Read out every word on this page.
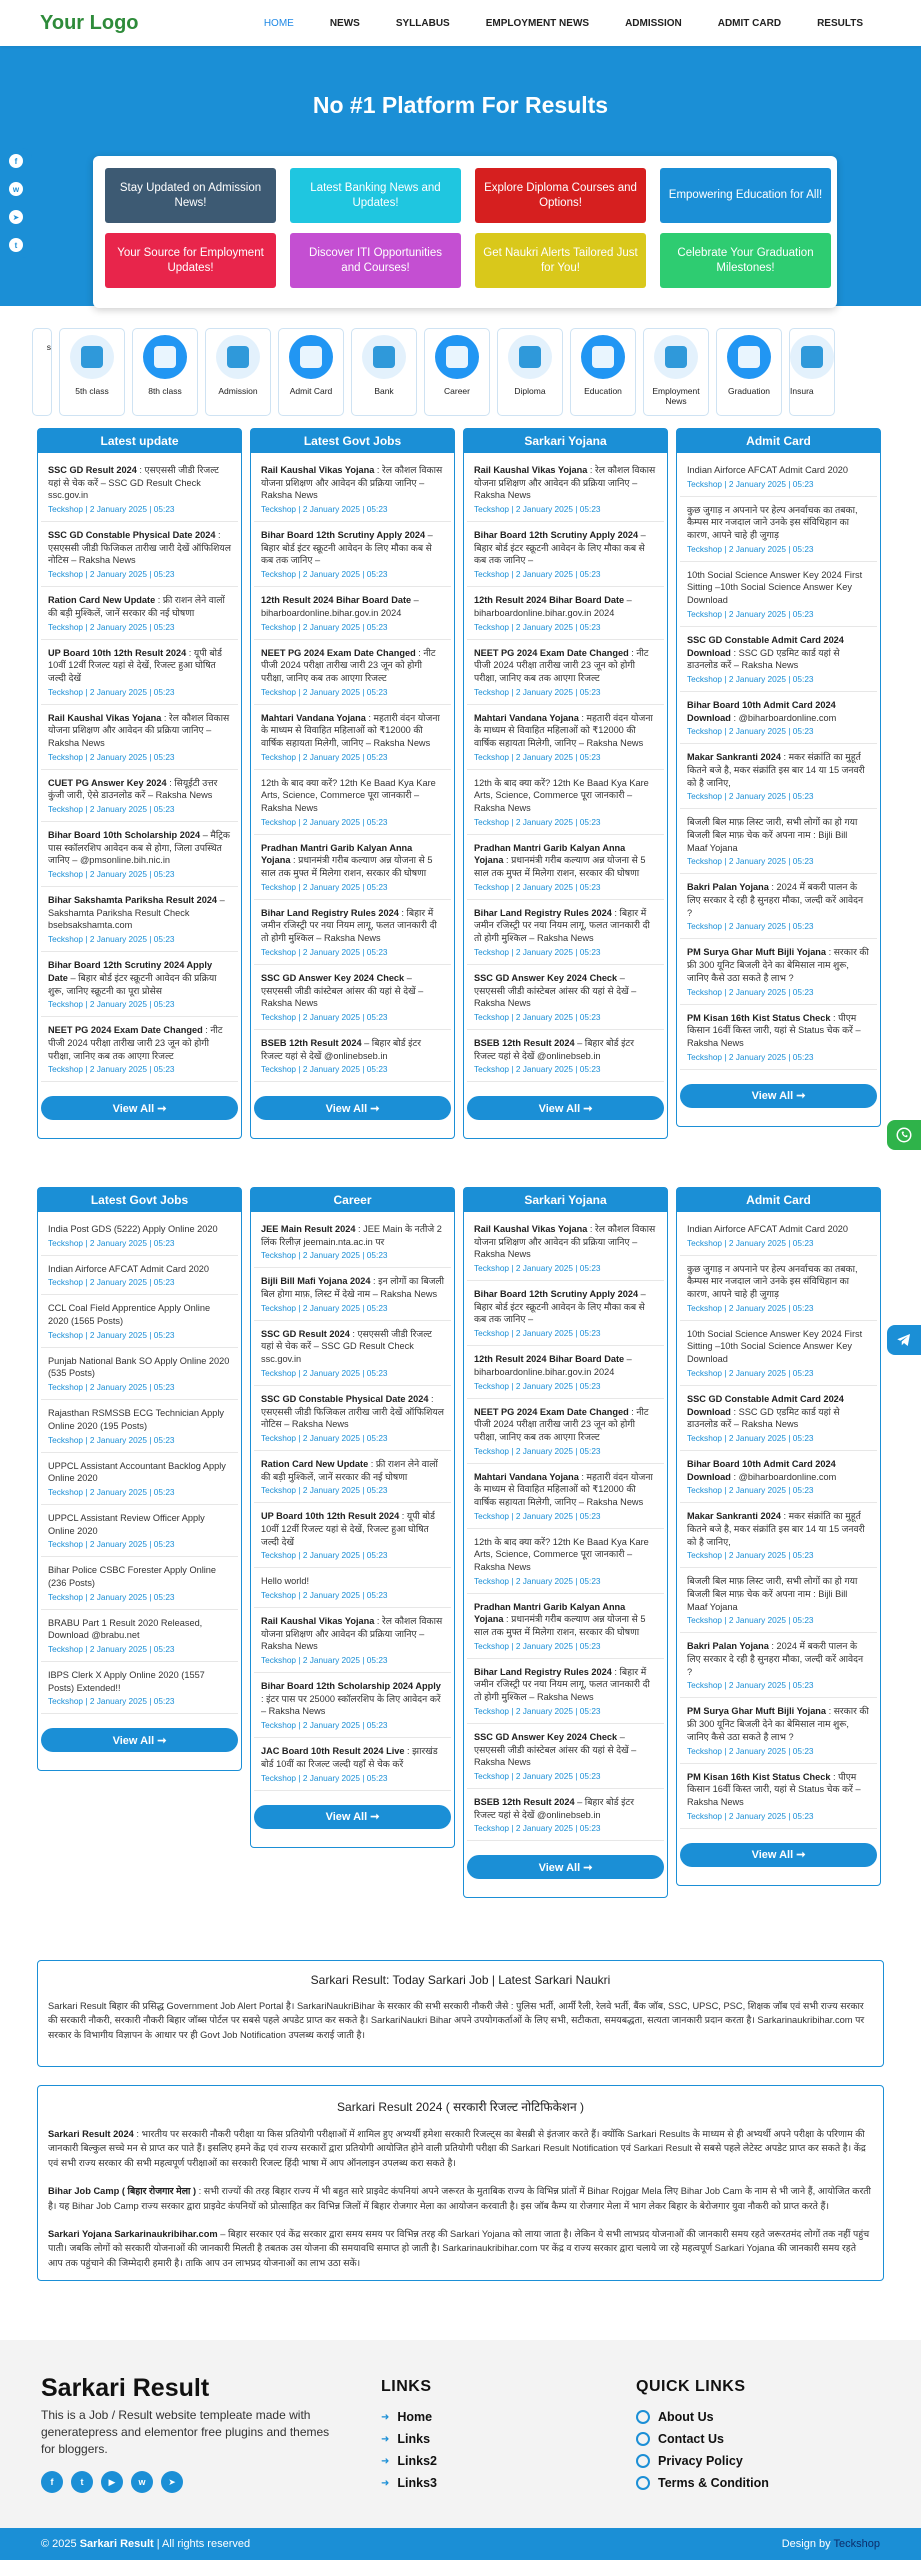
Your Logo	HOME	NEWS	SYLLABUS	EMPLOYMENT NEWS	ADMISSION	ADMIT CARD	RESULTS
No #1 Platform For Results
Stay Updated on Admission News!
Latest Banking News and Updates!
Explore Diploma Courses and Options!
Empowering Education for All!
Your Source for Employment Updates!
Discover ITI Opportunities and Courses!
Get Naukri Alerts Tailored Just for You!
Celebrate Your Graduation Milestones!
f
w
➤
t
s
5th class	8th class	Admission	Admit Card	Bank	Career	Diploma	Education	Employment News
Graduation Insura
Latest update
SSC GD Result 2024 : एसएससी जीडी रिजल्ट यहां से चेक करें – SSC GD Result Check ssc.gov.in
Teckshop | 2 January 2025 | 05:23
SSC GD Constable Physical Date 2024 : एसएससी जीडी फिजिकल तारीख जारी देखें ऑफिशियल नोटिस – Raksha News
Teckshop | 2 January 2025 | 05:23
Ration Card New Update : फ्री राशन लेने वालों की बड़ी मुश्किलें, जानें सरकार की नई घोषणा
Teckshop | 2 January 2025 | 05:23
UP Board 10th 12th Result 2024 : यूपी बोर्ड 10वीं 12वीं रिजल्ट यहां से देखें, रिजल्ट हुआ घोषित जल्दी देखें
Teckshop | 2 January 2025 | 05:23
Rail Kaushal Vikas Yojana : रेल कौशल विकास योजना प्रशिक्षण और आवेदन की प्रक्रिया जानिए – Raksha News
Teckshop | 2 January 2025 | 05:23
CUET PG Answer Key 2024 : सियूईटी उत्तर कुंजी जारी, ऐसे डाउनलोड करें – Raksha News
Teckshop | 2 January 2025 | 05:23
Bihar Board 10th Scholarship 2024 – मैट्रिक पास स्कॉलरशिप आवेदन कब से होगा, जिला उपस्थित जानिए – @pmsonline.bih.nic.in
Teckshop | 2 January 2025 | 05:23
Bihar Sakshamta Pariksha Result 2024 – Sakshamta Pariksha Result Check bsebsakshamta.com
Teckshop | 2 January 2025 | 05:23
Bihar Board 12th Scrutiny 2024 Apply Date – बिहार बोर्ड इंटर स्क्रूटनी आवेदन की प्रक्रिया शुरू, जानिए स्क्रूटनी का पूरा प्रोसेस
Teckshop | 2 January 2025 | 05:23
NEET PG 2024 Exam Date Changed : नीट पीजी 2024 परीक्षा तारीख जारी 23 जून को होगी परीक्षा, जानिए कब तक आएगा रिजल्ट
Teckshop | 2 January 2025 | 05:23
View All ➞
Latest Govt Jobs
Rail Kaushal Vikas Yojana : रेल कौशल विकास योजना प्रशिक्षण और आवेदन की प्रक्रिया जानिए – Raksha News
Teckshop | 2 January 2025 | 05:23
Bihar Board 12th Scrutiny Apply 2024 – बिहार बोर्ड इंटर स्क्रूटनी आवेदन के लिए मौका कब से कब तक जानिए –
Teckshop | 2 January 2025 | 05:23
12th Result 2024 Bihar Board Date – biharboardonline.bihar.gov.in 2024
Teckshop | 2 January 2025 | 05:23
NEET PG 2024 Exam Date Changed : नीट पीजी 2024 परीक्षा तारीख जारी 23 जून को होगी परीक्षा, जानिए कब तक आएगा रिजल्ट
Teckshop | 2 January 2025 | 05:23
Mahtari Vandana Yojana : महतारी वंदन योजना के माध्यम से विवाहित महिलाओं को ₹12000 की वार्षिक सहायता मिलेगी, जानिए – Raksha News
Teckshop | 2 January 2025 | 05:23
12th के बाद क्या करें? 12th Ke Baad Kya Kare Arts, Science, Commerce पूरा जानकारी – Raksha News
Teckshop | 2 January 2025 | 05:23
Pradhan Mantri Garib Kalyan Anna Yojana : प्रधानमंत्री गरीब कल्याण अन्न योजना से 5 साल तक मुफ्त में मिलेगा राशन, सरकार की घोषणा
Teckshop | 2 January 2025 | 05:23
Bihar Land Registry Rules 2024 : बिहार में जमीन रजिस्ट्री पर नया नियम लागू, फलत जानकारी दी तो होगी मुश्किल – Raksha News
Teckshop | 2 January 2025 | 05:23
SSC GD Answer Key 2024 Check – एसएससी जीडी कांस्टेबल आंसर की यहां से देखें – Raksha News
Teckshop | 2 January 2025 | 05:23
BSEB 12th Result 2024 – बिहार बोर्ड इंटर रिजल्ट यहां से देखें @onlinebseb.in
Teckshop | 2 January 2025 | 05:23
View All ➞
Sarkari Yojana
Rail Kaushal Vikas Yojana : रेल कौशल विकास योजना प्रशिक्षण और आवेदन की प्रक्रिया जानिए – Raksha News
Teckshop | 2 January 2025 | 05:23
Bihar Board 12th Scrutiny Apply 2024 – बिहार बोर्ड इंटर स्क्रूटनी आवेदन के लिए मौका कब से कब तक जानिए –
Teckshop | 2 January 2025 | 05:23
12th Result 2024 Bihar Board Date – biharboardonline.bihar.gov.in 2024
Teckshop | 2 January 2025 | 05:23
NEET PG 2024 Exam Date Changed : नीट पीजी 2024 परीक्षा तारीख जारी 23 जून को होगी परीक्षा, जानिए कब तक आएगा रिजल्ट
Teckshop | 2 January 2025 | 05:23
Mahtari Vandana Yojana : महतारी वंदन योजना के माध्यम से विवाहित महिलाओं को ₹12000 की वार्षिक सहायता मिलेगी, जानिए – Raksha News
Teckshop | 2 January 2025 | 05:23
12th के बाद क्या करें? 12th Ke Baad Kya Kare Arts, Science, Commerce पूरा जानकारी – Raksha News
Teckshop | 2 January 2025 | 05:23
Pradhan Mantri Garib Kalyan Anna Yojana : प्रधानमंत्री गरीब कल्याण अन्न योजना से 5 साल तक मुफ्त में मिलेगा राशन, सरकार की घोषणा
Teckshop | 2 January 2025 | 05:23
Bihar Land Registry Rules 2024 : बिहार में जमीन रजिस्ट्री पर नया नियम लागू, फलत जानकारी दी तो होगी मुश्किल – Raksha News
Teckshop | 2 January 2025 | 05:23
SSC GD Answer Key 2024 Check – एसएससी जीडी कांस्टेबल आंसर की यहां से देखें – Raksha News
Teckshop | 2 January 2025 | 05:23
BSEB 12th Result 2024 – बिहार बोर्ड इंटर रिजल्ट यहां से देखें @onlinebseb.in
Teckshop | 2 January 2025 | 05:23
View All ➞
Admit Card
Indian Airforce AFCAT Admit Card 2020
Teckshop | 2 January 2025 | 05:23
कुछ जुगाड़ न अपनाने पर हेल्प अनर्वाचक का तबका, कैम्पस मार नजदाल जाने उनके इस संविधिहान का कारण, आपने चाहे ही जुगाड़
Teckshop | 2 January 2025 | 05:23
10th Social Science Answer Key 2024 First Sitting –10th Social Science Answer Key Download
Teckshop | 2 January 2025 | 05:23
SSC GD Constable Admit Card 2024 Download : SSC GD एडमिट कार्ड यहां से डाउनलोड करें – Raksha News
Teckshop | 2 January 2025 | 05:23
Bihar Board 10th Admit Card 2024 Download : @biharboardonline.com
Teckshop | 2 January 2025 | 05:23
Makar Sankranti 2024 : मकर संक्रांति का मुहूर्त कितने बजे है, मकर संक्रांति इस बार 14 या 15 जनवरी को है जानिए,
Teckshop | 2 January 2025 | 05:23
बिजली बिल माफ़ लिस्ट जारी, सभी लोगों का हो गया बिजली बिल माफ़ चेक करें अपना नाम : Bijli Bill Maaf Yojana
Teckshop | 2 January 2025 | 05:23
Bakri Palan Yojana : 2024 में बकरी पालन के लिए सरकार दे रही है सुनहरा मौका, जल्दी करें आवेदन ?
Teckshop | 2 January 2025 | 05:23
PM Surya Ghar Muft Bijli Yojana : सरकार की फ्री 300 यूनिट बिजली देने का बेमिसाल नाम शुरू, जानिए कैसे उठा सकते है लाभ ?
Teckshop | 2 January 2025 | 05:23
PM Kisan 16th Kist Status Check : पीएम किसान 16वीं किस्त जारी, यहां से Status चेक करें – Raksha News
Teckshop | 2 January 2025 | 05:23
View All ➞
Latest Govt Jobs
India Post GDS (5222) Apply Online 2020
Teckshop | 2 January 2025 | 05:23
Indian Airforce AFCAT Admit Card 2020
Teckshop | 2 January 2025 | 05:23
CCL Coal Field Apprentice Apply Online 2020 (1565 Posts)
Teckshop | 2 January 2025 | 05:23
Punjab National Bank SO Apply Online 2020 (535 Posts)
Teckshop | 2 January 2025 | 05:23
Rajasthan RSMSSB ECG Technician Apply Online 2020 (195 Posts)
Teckshop | 2 January 2025 | 05:23
UPPCL Assistant Accountant Backlog Apply Online 2020
Teckshop | 2 January 2025 | 05:23
UPPCL Assistant Review Officer Apply Online 2020
Teckshop | 2 January 2025 | 05:23
Bihar Police CSBC Forester Apply Online (236 Posts)
Teckshop | 2 January 2025 | 05:23
BRABU Part 1 Result 2020 Released, Download @brabu.net
Teckshop | 2 January 2025 | 05:23
IBPS Clerk X Apply Online 2020 (1557 Posts) Extended!!
Teckshop | 2 January 2025 | 05:23
View All ➞
Career
JEE Main Result 2024 : JEE Main के नतीजे 2 लिंक रिलीज़ jeemain.nta.ac.in पर
Teckshop | 2 January 2025 | 05:23
Bijli Bill Mafi Yojana 2024 : इन लोगों का बिजली बिल होगा माफ़, लिस्ट में देखे नाम – Raksha News
Teckshop | 2 January 2025 | 05:23
SSC GD Result 2024 : एसएससी जीडी रिजल्ट यहां से चेक करें – SSC GD Result Check ssc.gov.in
Teckshop | 2 January 2025 | 05:23
SSC GD Constable Physical Date 2024 : एसएससी जीडी फिजिकल तारीख जारी देखें ऑफिशियल नोटिस – Raksha News
Teckshop | 2 January 2025 | 05:23
Ration Card New Update : फ्री राशन लेने वालों की बड़ी मुश्किलें, जानें सरकार की नई घोषणा
Teckshop | 2 January 2025 | 05:23
UP Board 10th 12th Result 2024 : यूपी बोर्ड 10वीं 12वीं रिजल्ट यहां से देखें, रिजल्ट हुआ घोषित जल्दी देखें
Teckshop | 2 January 2025 | 05:23
Hello world!
Teckshop | 2 January 2025 | 05:23
Rail Kaushal Vikas Yojana : रेल कौशल विकास योजना प्रशिक्षण और आवेदन की प्रक्रिया जानिए – Raksha News
Teckshop | 2 January 2025 | 05:23
Bihar Board 12th Scholarship 2024 Apply : इंटर पास पर 25000 स्कॉलरशिप के लिए आवेदन करें – Raksha News
Teckshop | 2 January 2025 | 05:23
JAC Board 10th Result 2024 Live : झारखंड बोर्ड 10वीं का रिजल्ट जल्दी यहाँ से चेक करें
Teckshop | 2 January 2025 | 05:23
View All ➞
Sarkari Yojana
Rail Kaushal Vikas Yojana : रेल कौशल विकास योजना प्रशिक्षण और आवेदन की प्रक्रिया जानिए – Raksha News
Teckshop | 2 January 2025 | 05:23
Bihar Board 12th Scrutiny Apply 2024 – बिहार बोर्ड इंटर स्क्रूटनी आवेदन के लिए मौका कब से कब तक जानिए –
Teckshop | 2 January 2025 | 05:23
12th Result 2024 Bihar Board Date – biharboardonline.bihar.gov.in 2024
Teckshop | 2 January 2025 | 05:23
NEET PG 2024 Exam Date Changed : नीट पीजी 2024 परीक्षा तारीख जारी 23 जून को होगी परीक्षा, जानिए कब तक आएगा रिजल्ट
Teckshop | 2 January 2025 | 05:23
Mahtari Vandana Yojana : महतारी वंदन योजना के माध्यम से विवाहित महिलाओं को ₹12000 की वार्षिक सहायता मिलेगी, जानिए – Raksha News
Teckshop | 2 January 2025 | 05:23
12th के बाद क्या करें? 12th Ke Baad Kya Kare Arts, Science, Commerce पूरा जानकारी – Raksha News
Teckshop | 2 January 2025 | 05:23
Pradhan Mantri Garib Kalyan Anna Yojana : प्रधानमंत्री गरीब कल्याण अन्न योजना से 5 साल तक मुफ्त में मिलेगा राशन, सरकार की घोषणा
Teckshop | 2 January 2025 | 05:23
Bihar Land Registry Rules 2024 : बिहार में जमीन रजिस्ट्री पर नया नियम लागू, फलत जानकारी दी तो होगी मुश्किल – Raksha News
Teckshop | 2 January 2025 | 05:23
SSC GD Answer Key 2024 Check – एसएससी जीडी कांस्टेबल आंसर की यहां से देखें – Raksha News
Teckshop | 2 January 2025 | 05:23
BSEB 12th Result 2024 – बिहार बोर्ड इंटर रिजल्ट यहां से देखें @onlinebseb.in
Teckshop | 2 January 2025 | 05:23
View All ➞
Admit Card
Indian Airforce AFCAT Admit Card 2020
Teckshop | 2 January 2025 | 05:23
कुछ जुगाड़ न अपनाने पर हेल्प अनर्वाचक का तबका, कैम्पस मार नजदाल जाने उनके इस संविधिहान का कारण, आपने चाहे ही जुगाड़
Teckshop | 2 January 2025 | 05:23
10th Social Science Answer Key 2024 First Sitting –10th Social Science Answer Key Download
Teckshop | 2 January 2025 | 05:23
SSC GD Constable Admit Card 2024 Download : SSC GD एडमिट कार्ड यहां से डाउनलोड करें – Raksha News
Teckshop | 2 January 2025 | 05:23
Bihar Board 10th Admit Card 2024 Download : @biharboardonline.com
Teckshop | 2 January 2025 | 05:23
Makar Sankranti 2024 : मकर संक्रांति का मुहूर्त कितने बजे है, मकर संक्रांति इस बार 14 या 15 जनवरी को है जानिए,
Teckshop | 2 January 2025 | 05:23
बिजली बिल माफ़ लिस्ट जारी, सभी लोगों का हो गया बिजली बिल माफ़ चेक करें अपना नाम : Bijli Bill Maaf Yojana
Teckshop | 2 January 2025 | 05:23
Bakri Palan Yojana : 2024 में बकरी पालन के लिए सरकार दे रही है सुनहरा मौका, जल्दी करें आवेदन ?
Teckshop | 2 January 2025 | 05:23
PM Surya Ghar Muft Bijli Yojana : सरकार की फ्री 300 यूनिट बिजली देने का बेमिसाल नाम शुरू, जानिए कैसे उठा सकते है लाभ ?
Teckshop | 2 January 2025 | 05:23
PM Kisan 16th Kist Status Check : पीएम किसान 16वीं किस्त जारी, यहां से Status चेक करें – Raksha News
Teckshop | 2 January 2025 | 05:23
View All ➞
Sarkari Result: Today Sarkari Job | Latest Sarkari Naukri

Sarkari Result बिहार की प्रसिद्ध Government Job Alert Portal है। SarkariNaukriBihar के सरकार की सभी सरकारी नौकरी जैसे : पुलिस भर्ती, आर्मी रैली, रेलवे भर्ती, बैंक जॉब, SSC, UPSC, PSC, शिक्षक जॉब एवं सभी राज्य सरकार की सरकारी नौकरी, सरकारी नौकरी बिहार जॉब्स पोर्टल पर सबसे पहले अपडेट प्राप्त कर सकते है। SarkariNaukri Bihar अपने उपयोगकर्ताओं के लिए सभी, सटीकता, समयबद्धता, सत्यता जानकारी प्रदान करता है। Sarkarinaukribihar.com पर सरकार के विभागीय विज्ञापन के आधार पर ही Govt Job Notification उपलब्ध कराई जाती है।

Sarkari Result 2024 ( सरकारी रिजल्ट नोटिफिकेशन )

Sarkari Result 2024 : भारतीय पर सरकारी नौकरी परीक्षा या किस प्रतियोगी परीक्षाओं में शामिल हुए अभ्यर्थी हमेशा सरकारी रिजल्ट्स का बेसब्री से इंतजार करते हैं। क्योंकि Sarkari Results के माध्यम से ही अभ्यर्थी अपने परीक्षा के परिणाम की जानकारी बिल्कुल सच्चे मन से प्राप्त कर पाते हैं। इसलिए हमने केंद्र एवं राज्य सरकारों द्वारा प्रतियोगी आयोजित होने वाली प्रतियोगी परीक्षा की Sarkari Result Notification एवं Sarkari Result से सबसे पहले लेटेस्ट अपडेट प्राप्त कर सकते है। केंद्र एवं सभी राज्य सरकार की सभी महत्वपूर्ण परीक्षाओं का सरकारी रिजल्ट हिंदी भाषा में आप ऑनलाइन उपलब्ध करा सकते है।

Bihar Job Camp ( बिहार रोजगार मेला ) : सभी राज्यों की तरह बिहार राज्य में भी बहुत सारे प्राइवेट कंपनियां अपने जरूरत के मुताबिक राज्य के विभिन्न प्रांतों में Bihar Rojgar Mela लिए Bihar Job Cam के नाम से भी जाने हैं, आयोजित करती है। यह Bihar Job Camp राज्य सरकार द्वारा प्राइवेट कंपनियों को प्रोत्साहित कर विभिन्न जिलों में बिहार रोजगार मेला का आयोजन करवाती है। इस जॉब कैम्प या रोजगार मेला में भाग लेकर बिहार के बेरोजगार युवा नौकरी को प्राप्त करते हैं।

Sarkari Yojana Sarkarinaukribihar.com – बिहार सरकार एवं केंद्र सरकार द्वारा समय समय पर विभिन्न तरह की Sarkari Yojana को लाया जाता है। लेकिन ये सभी लाभप्रद योजनाओं की जानकारी समय रहते जरूरतमंद लोगों तक नहीं पहुंच पाती। जबकि लोगों को सरकारी योजनाओं की जानकारी मिलती है तबतक उस योजना की समयावधि समाप्त हो जाती है। Sarkarinaukribihar.com पर केंद्र व राज्य सरकार द्वारा चलाये जा रहे महत्वपूर्ण Sarkari Yojana की जानकारी समय रहते आप तक पहुंचाने की जिम्मेदारी हमारी है। ताकि आप उन लाभप्रद योजनाओं का लाभ उठा सकें।

Sarkari Result
This is a Job / Result website templeate made with generatepress and elementor free plugins and themes for bloggers.
f	t	▶	w	➤
LINKS
➜ Home
➜ Links
➜ Links2
➜ Links3
QUICK LINKS
About Us
Contact Us
Privacy Policy
Terms & Condition
© 2025 Sarkari Result | All rights reserved	Design by Teckshop
